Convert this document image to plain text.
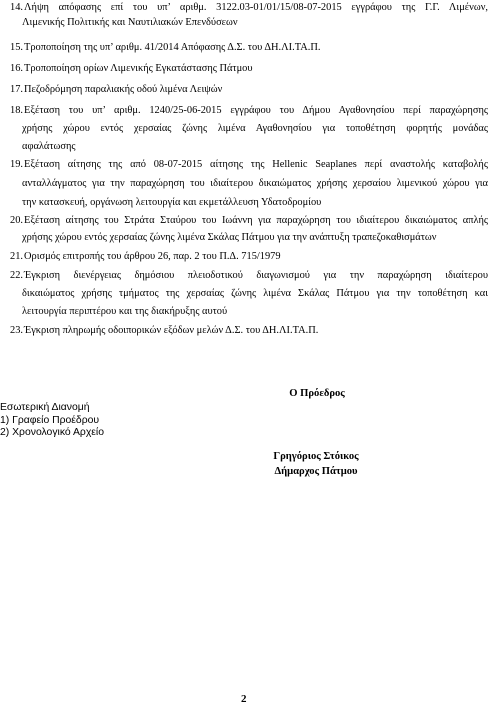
14. Λήψη απόφασης επί του υπ’ αριθμ. 3122.03-01/01/15/08-07-2015 εγγράφου της Γ.Γ. Λιμένων,
Λιμενικής Πολιτικής και Ναυτιλιακών Επενδύσεων
15. Τροποποίηση της υπ’ αριθμ. 41/2014 Απόφασης Δ.Σ. του ΔΗ.ΛΙ.ΤΑ.Π.
16. Τροποποίηση ορίων Λιμενικής Εγκατάστασης Πάτμου
17. Πεζοδρόμηση παραλιακής οδού λιμένα Λειψών
18. Εξέταση του υπ’ αριθμ. 1240/25-06-2015 εγγράφου του Δήμου Αγαθονησίου περί παραχώρησης
χρήσης χώρου εντός χερσαίας ζώνης λιμένα Αγαθονησίου για τοποθέτηση φορητής μονάδας
αφαλάτωσης
19. Εξέταση αίτησης της από 08-07-2015 αίτησης της Hellenic Seaplanes περί αναστολής καταβολής
ανταλλάγματος για την παραχώρηση του ιδιαίτερου δικαιώματος χρήσης χερσαίου λιμενικού χώρου για
την κατασκευή, οργάνωση λειτουργία και εκμετάλλευση Υδατοδρομίου
20. Εξέταση αίτησης του Στράτα Σταύρου του Ιωάννη για παραχώρηση του ιδιαίτερου δικαιώματος απλής
χρήσης χώρου εντός χερσαίας ζώνης λιμένα Σκάλας Πάτμου για την ανάπτυξη τραπεζοκαθισμάτων
21. Ορισμός επιτροπής του άρθρου 26, παρ. 2 του Π.Δ. 715/1979
22. Έγκριση διενέργειας δημόσιου πλειοδοτικού διαγωνισμού για την παραχώρηση ιδιαίτερου
δικαιώματος χρήσης τμήματος της χερσαίας ζώνης λιμένα Σκάλας Πάτμου για την τοποθέτηση και
λειτουργία περιπτέρου και της διακήρυξης αυτού
23. Έγκριση πληρωμής οδοιπορικών εξόδων μελών Δ.Σ. του ΔΗ.ΛΙ.ΤΑ.Π.
Ο Πρόεδρος
Εσωτερική Διανομή
1) Γραφείο Προέδρου
2) Χρονολογικό Αρχείο
Γρηγόριος Στόικος
Δήμαρχος Πάτμου
2
